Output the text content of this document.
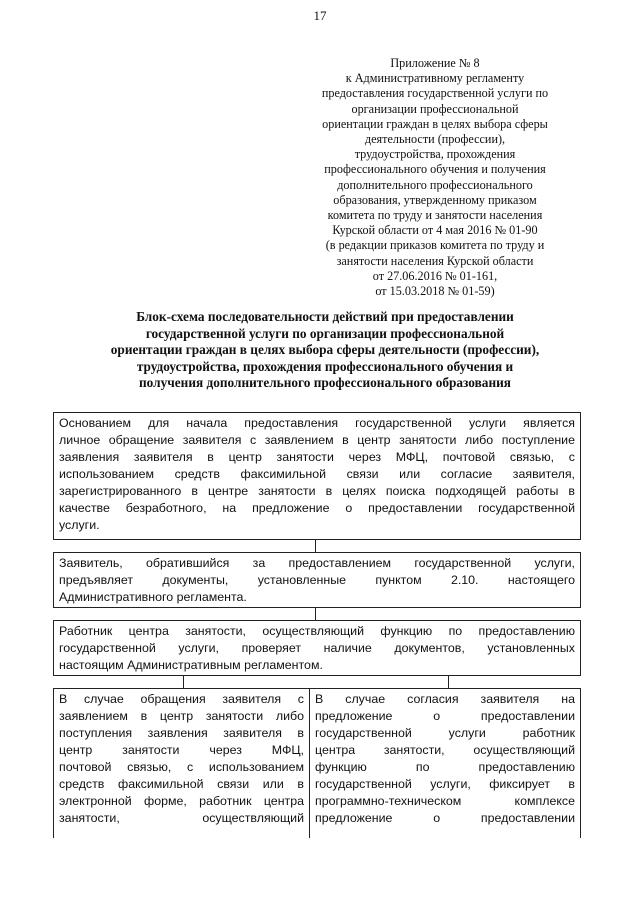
17
Приложение № 8
к Административному регламенту
предоставления государственной услуги по
организации профессиональной
ориентации граждан в целях выбора сферы
деятельности (профессии),
трудоустройства, прохождения
профессионального обучения и получения
дополнительного профессионального
образования, утвержденному приказом
комитета по труду и занятости населения
Курской области от 4 мая 2016 № 01-90
(в редакции приказов комитета по труду и
занятости населения Курской области
от 27.06.2016 № 01-161,
от 15.03.2018 № 01-59)
Блок-схема последовательности действий при предоставлении
государственной услуги по организации профессиональной
ориентации граждан в целях выбора сферы деятельности (профессии),
трудоустройства, прохождения профессионального обучения и
получения дополнительного профессионального образования
Основанием для начала предоставления государственной услуги является
личное обращение заявителя с заявлением в центр занятости либо поступление
заявления заявителя в центр занятости через МФЦ, почтовой связью, с
использованием средств факсимильной связи или согласие заявителя,
зарегистрированного в центре занятости в целях поиска подходящей работы в
качестве безработного, на предложение о предоставлении государственной
услуги.
Заявитель, обратившийся за предоставлением государственной услуги,
предъявляет документы, установленные пунктом 2.10. настоящего
Административного регламента.
Работник центра занятости, осуществляющий функцию по предоставлению
государственной услуги, проверяет наличие документов, установленных
настоящим Административным регламентом.
В случае обращения заявителя с
заявлением в центр занятости либо
поступления заявления заявителя в
центр занятости через МФЦ,
почтовой связью, с использованием
средств факсимильной связи или в
электронной форме, работник центра
занятости, осуществляющий
В случае согласия заявителя на
предложение о предоставлении
государственной услуги работник
центра занятости, осуществляющий
функцию по предоставлению
государственной услуги, фиксирует в
программно-техническом комплексе
предложение о предоставлении
